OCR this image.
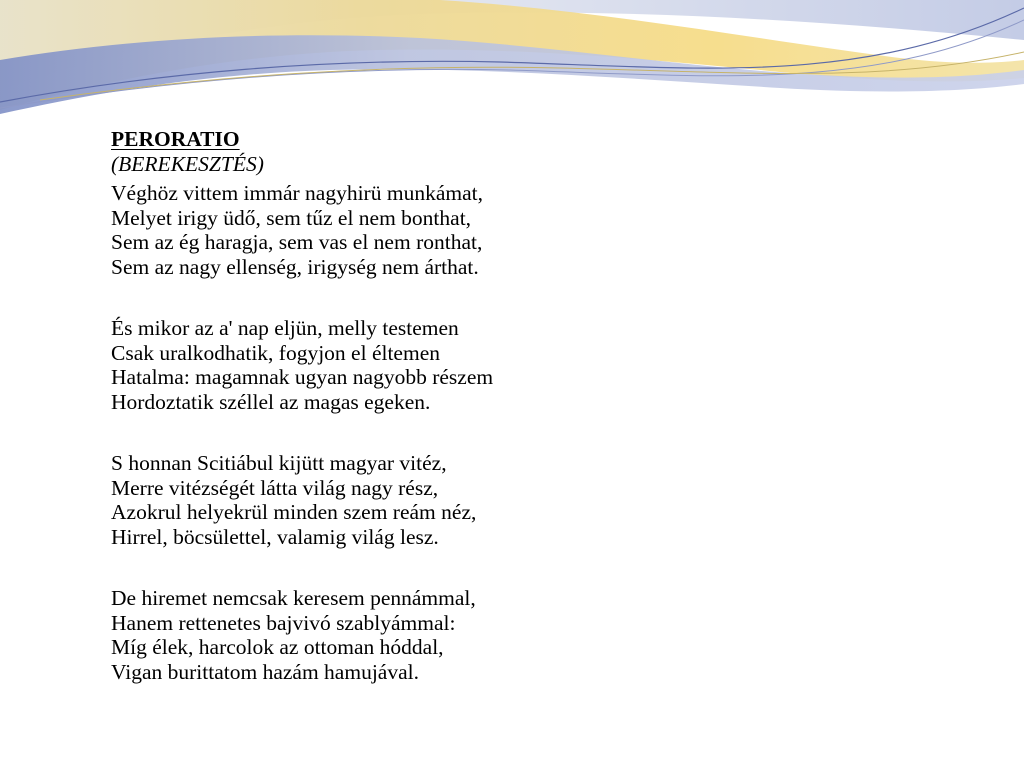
PERORATIO
(BEREKESZTÉS)
Véghöz vittem immár nagyhirü munkámat,
Melyet irigy üdő, sem tűz el nem bonthat,
Sem az ég haragja, sem vas el nem ronthat,
Sem az nagy ellenség, irigység nem árthat.
És mikor az a' nap eljün, melly testemen
Csak uralkodhatik, fogyjon el éltemen
Hatalma: magamnak ugyan nagyobb részem
Hordoztatik széllel az magas egeken.
S honnan Scitiábul kijütt magyar vitéz,
Merre vitézségét látta világ nagy rész,
Azokrul helyekrül minden szem reám néz,
Hirrel, böcsülettel, valamig világ lesz.
De hiremet nemcsak keresem pennámmal,
Hanem rettenetes bajvivó szablyámmal:
Míg élek, harcolok az ottoman hóddal,
Vigan burittatom hazám hamujával.
